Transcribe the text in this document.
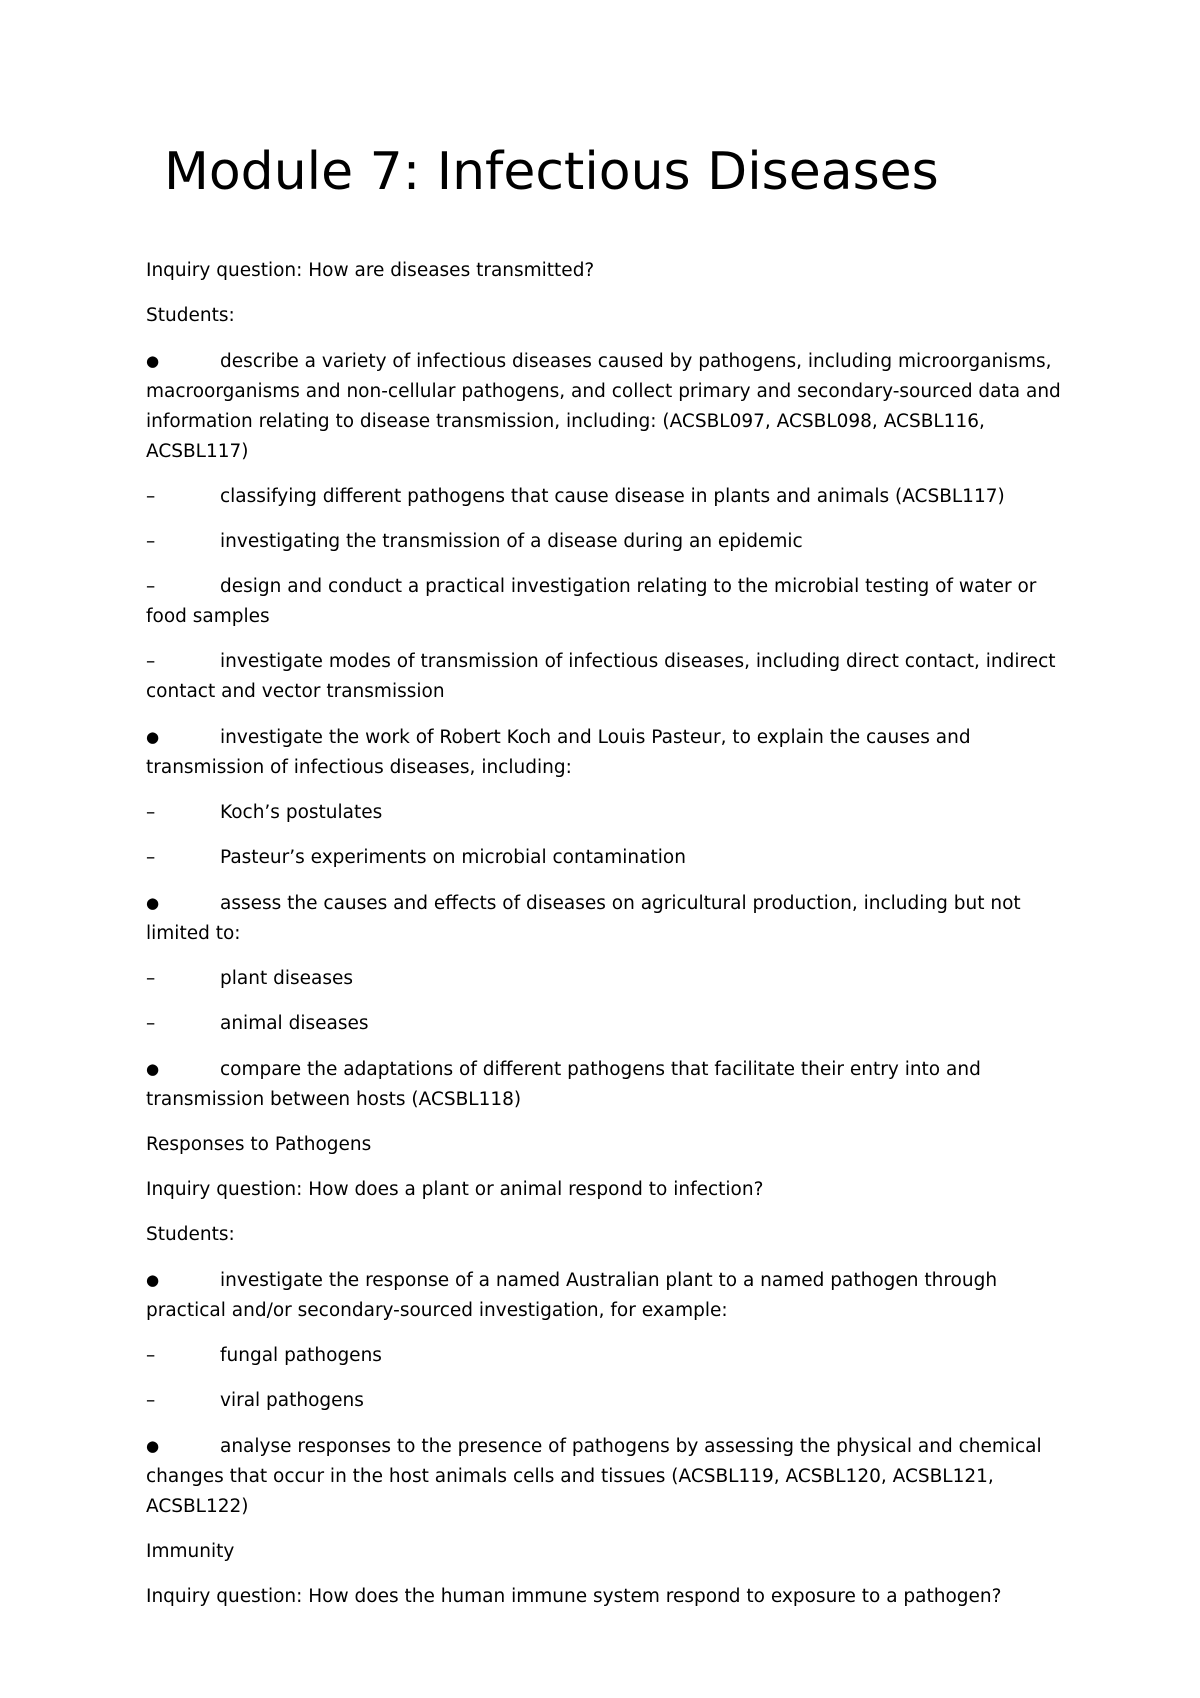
Module 7: Infectious Diseases

Inquiry question: How are diseases transmitted?

Students:

●	describe a variety of infectious diseases caused by pathogens, including microorganisms, macroorganisms and non-cellular pathogens, and collect primary and secondary-sourced data and information relating to disease transmission, including: (ACSBL097, ACSBL098, ACSBL116, ACSBL117)

–	classifying different pathogens that cause disease in plants and animals (ACSBL117)

–	investigating the transmission of a disease during an epidemic

–	design and conduct a practical investigation relating to the microbial testing of water or food samples

–	investigate modes of transmission of infectious diseases, including direct contact, indirect contact and vector transmission

●	investigate the work of Robert Koch and Louis Pasteur, to explain the causes and transmission of infectious diseases, including:

–	Koch’s postulates

–	Pasteur’s experiments on microbial contamination

●	assess the causes and effects of diseases on agricultural production, including but not limited to:

–	plant diseases

–	animal diseases

●	compare the adaptations of different pathogens that facilitate their entry into and transmission between hosts (ACSBL118)

Responses to Pathogens

Inquiry question: How does a plant or animal respond to infection?

Students:

●	investigate the response of a named Australian plant to a named pathogen through practical and/or secondary-sourced investigation, for example:

–	fungal pathogens

–	viral pathogens

●	analyse responses to the presence of pathogens by assessing the physical and chemical changes that occur in the host animals cells and tissues (ACSBL119, ACSBL120, ACSBL121, ACSBL122)

Immunity

Inquiry question: How does the human immune system respond to exposure to a pathogen?
